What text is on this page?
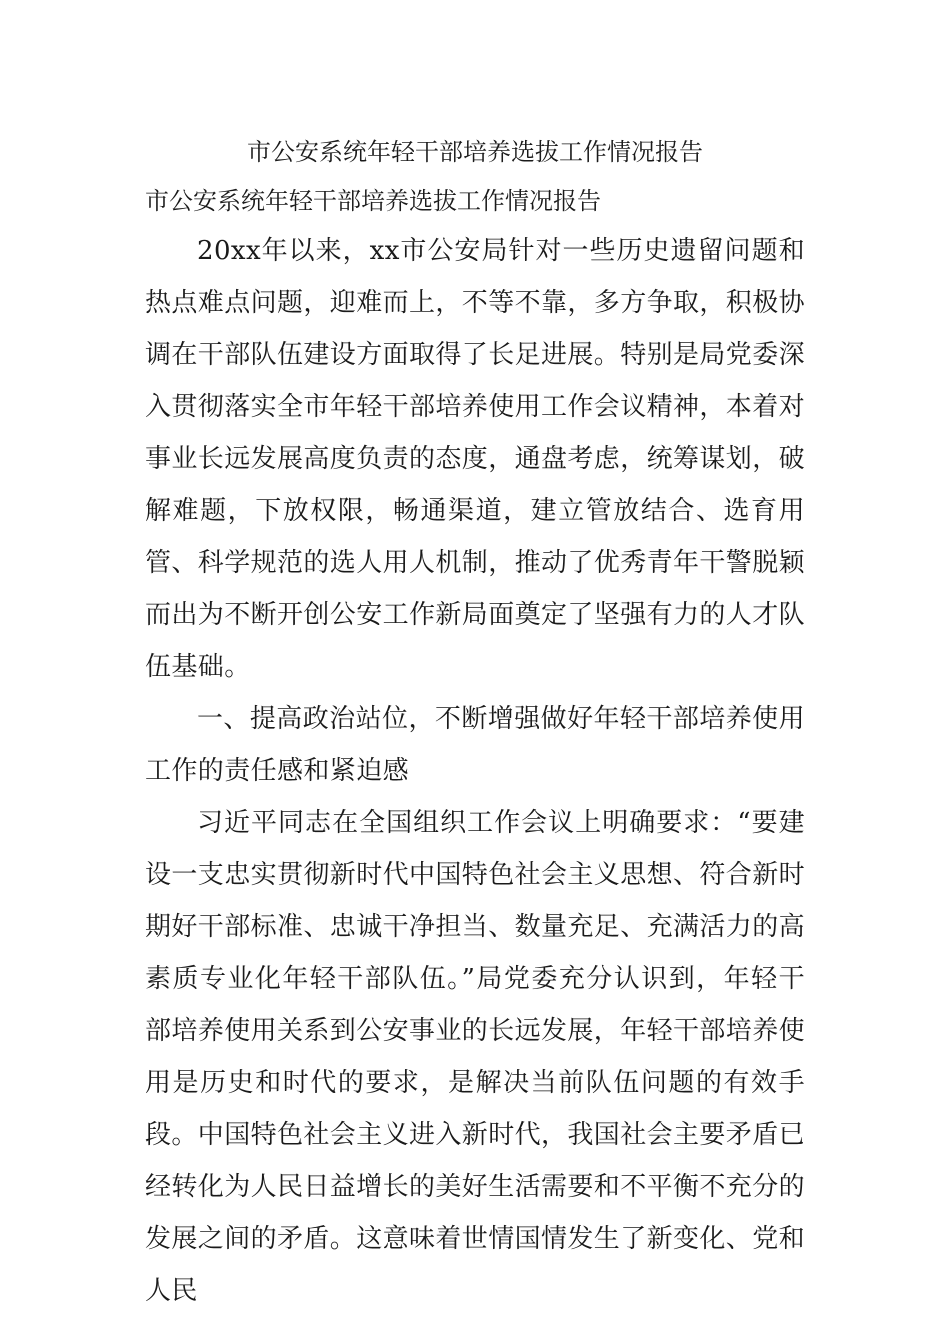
市公安系统年轻干部培养选拔工作情况报告
市公安系统年轻干部培养选拔工作情况报告

20xx年以来，xx市公安局针对一些历史遗留问题和热点难点问题，迎难而上，不等不靠，多方争取，积极协调在干部队伍建设方面取得了长足进展。特别是局党委深入贯彻落实全市年轻干部培养使用工作会议精神，本着对事业长远发展高度负责的态度，通盘考虑，统筹谋划，破解难题，下放权限，畅通渠道，建立管放结合、选育用管、科学规范的选人用人机制，推动了优秀青年干警脱颖而出为不断开创公安工作新局面奠定了坚强有力的人才队伍基础。

一、提高政治站位，不断增强做好年轻干部培养使用工作的责任感和紧迫感

习近平同志在全国组织工作会议上明确要求：“要建设一支忠实贯彻新时代中国特色社会主义思想、符合新时期好干部标准、忠诚干净担当、数量充足、充满活力的高素质专业化年轻干部队伍。”局党委充分认识到，年轻干部培养使用关系到公安事业的长远发展，年轻干部培养使用是历史和时代的要求，是解决当前队伍问题的有效手段。中国特色社会主义进入新时代，我国社会主要矛盾已经转化为人民日益增长的美好生活需要和不平衡不充分的发展之间的矛盾。这意味着世情国情发生了新变化、党和人民
